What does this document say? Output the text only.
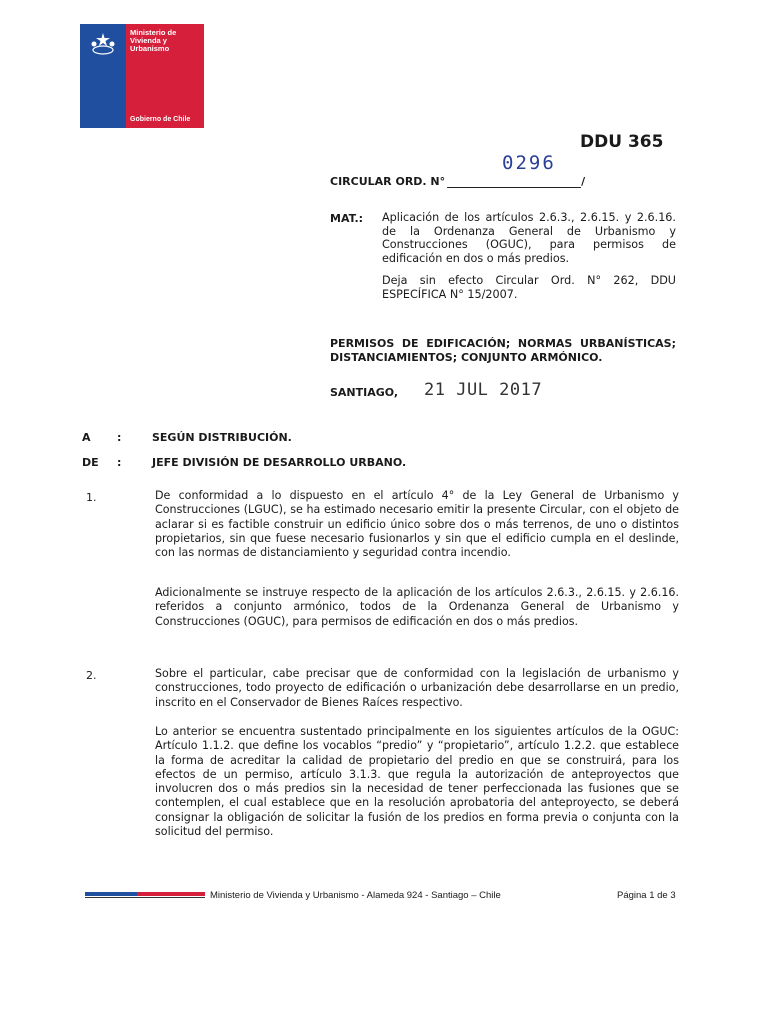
Ministerio de Vivienda y Urbanismo
Gobierno de Chile
DDU 365
0296
CIRCULAR ORD. N°	/
MAT.: Aplicación de los artículos 2.6.3., 2.6.15. y 2.6.16. de la Ordenanza General de Urbanismo y Construcciones (OGUC), para permisos de edificación en dos o más predios.
Deja sin efecto Circular Ord. N° 262, DDU ESPECÍFICA N° 15/2007.
PERMISOS DE EDIFICACIÓN; NORMAS URBANÍSTICAS; DISTANCIAMIENTOS; CONJUNTO ARMÓNICO.
SANTIAGO, 21 JUL 2017
A :	SEGÚN DISTRIBUCIÓN.
DE :	JEFE DIVISIÓN DE DESARROLLO URBANO.
1.	De conformidad a lo dispuesto en el artículo 4° de la Ley General de Urbanismo y Construcciones (LGUC), se ha estimado necesario emitir la presente Circular, con el objeto de aclarar si es factible construir un edificio único sobre dos o más terrenos, de uno o distintos propietarios, sin que fuese necesario fusionarlos y sin que el edificio cumpla en el deslinde, con las normas de distanciamiento y seguridad contra incendio.
Adicionalmente se instruye respecto de la aplicación de los artículos 2.6.3., 2.6.15. y 2.6.16. referidos a conjunto armónico, todos de la Ordenanza General de Urbanismo y Construcciones (OGUC), para permisos de edificación en dos o más predios.
2.	Sobre el particular, cabe precisar que de conformidad con la legislación de urbanismo y construcciones, todo proyecto de edificación o urbanización debe desarrollarse en un predio, inscrito en el Conservador de Bienes Raíces respectivo.
Lo anterior se encuentra sustentado principalmente en los siguientes artículos de la OGUC: Artículo 1.1.2. que define los vocablos “predio” y “propietario”, artículo 1.2.2. que establece la forma de acreditar la calidad de propietario del predio en que se construirá, para los efectos de un permiso, artículo 3.1.3. que regula la autorización de anteproyectos que involucren dos o más predios sin la necesidad de tener perfeccionada las fusiones que se contemplen, el cual establece que en la resolución aprobatoria del anteproyecto, se deberá consignar la obligación de solicitar la fusión de los predios en forma previa o conjunta con la solicitud del permiso.
Ministerio de Vivienda y Urbanismo - Alameda 924 - Santiago – Chile	Página 1 de 3
